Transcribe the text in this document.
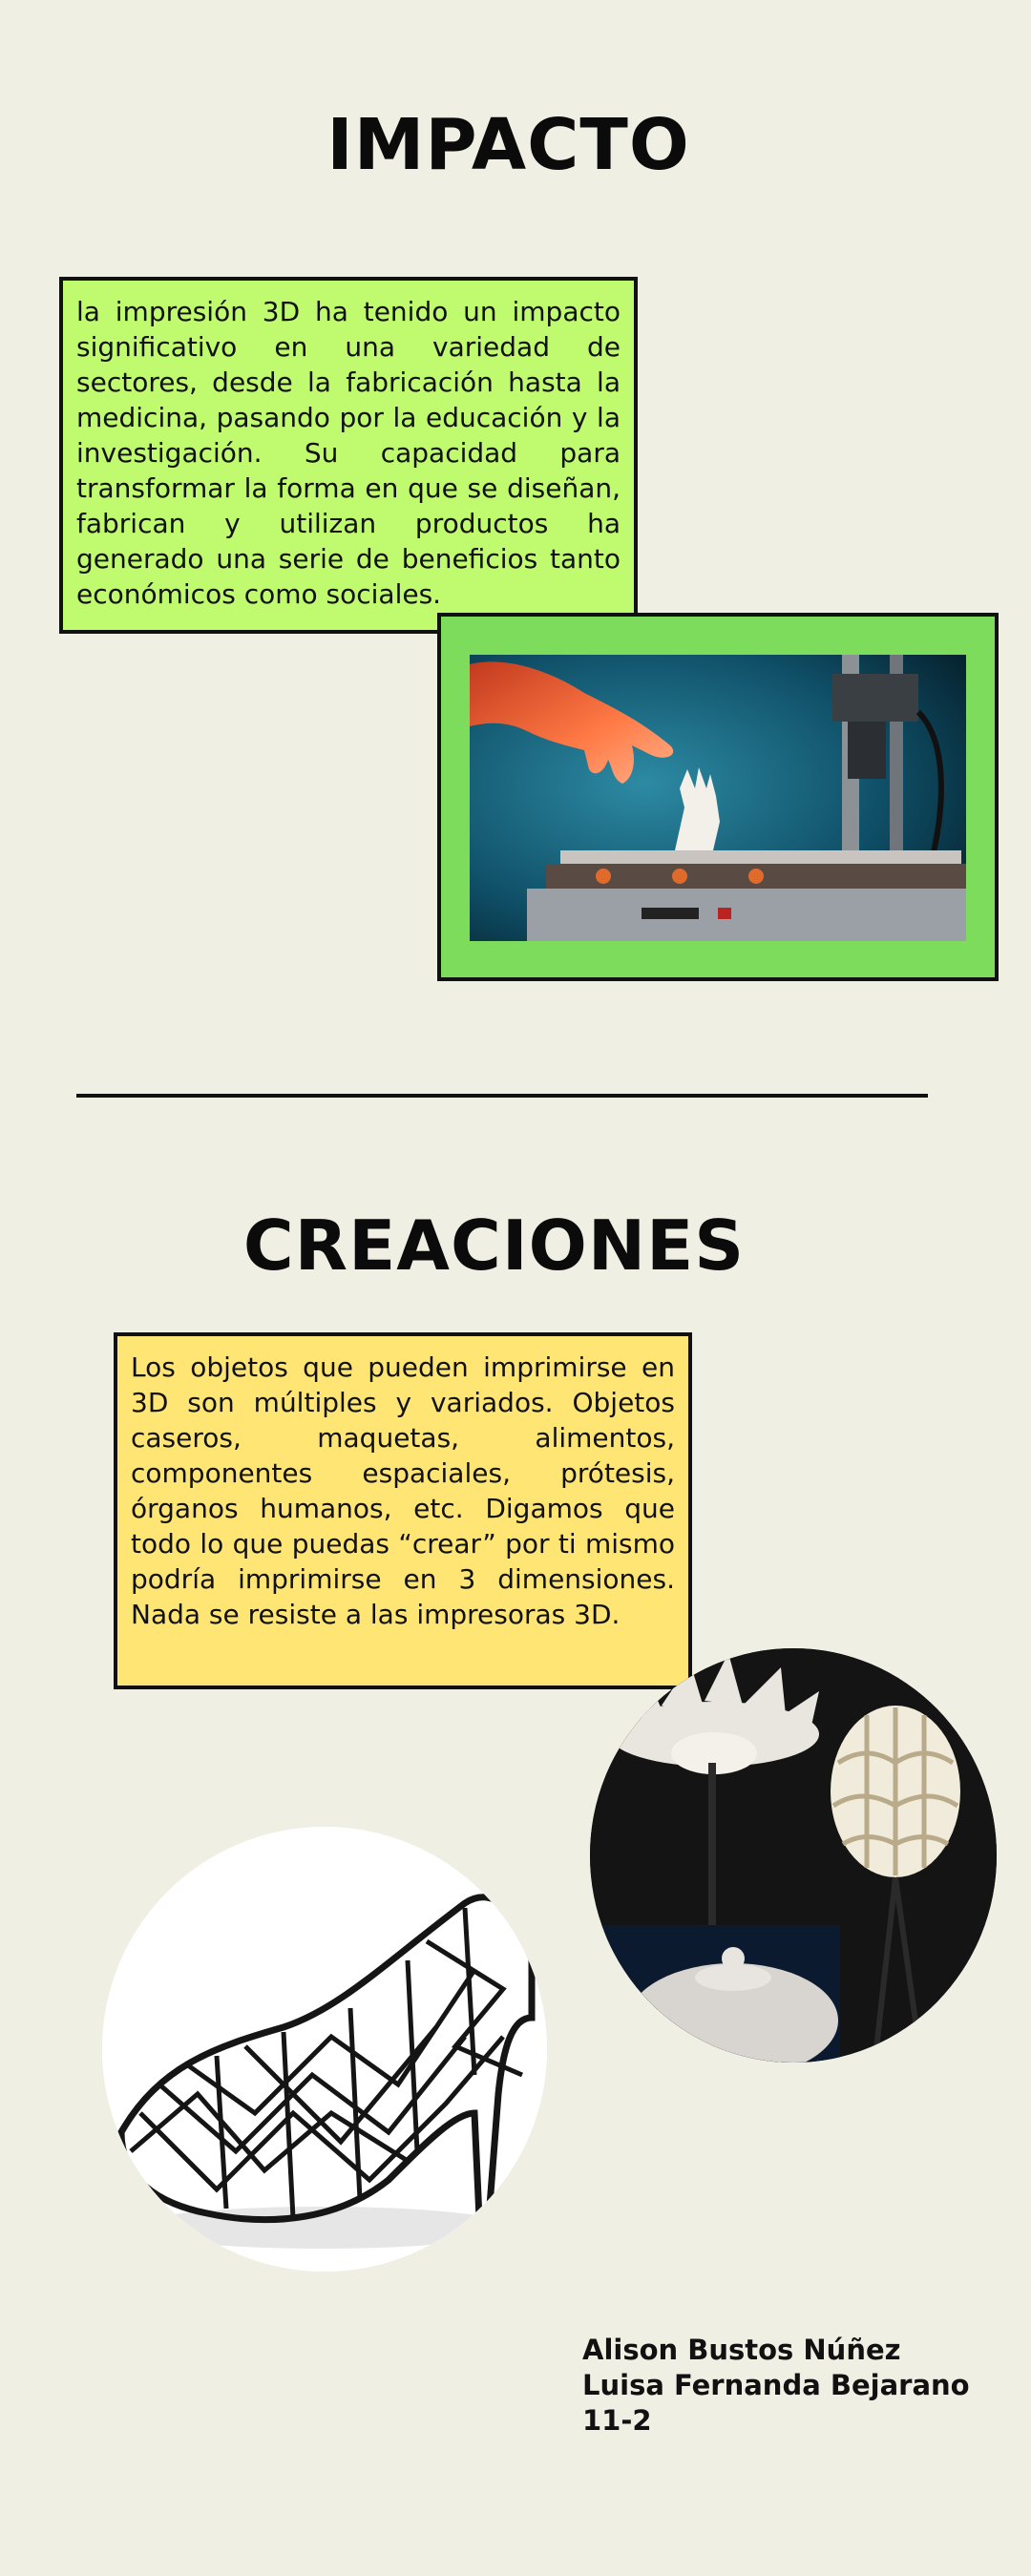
IMPACTO
la impresión 3D ha tenido un impacto significativo en una variedad de sectores, desde la fabricación hasta la medicina, pasando por la educación y la investigación. Su capacidad para transformar la forma en que se diseñan, fabrican y utilizan productos ha generado una serie de beneficios tanto económicos como sociales.
CREACIONES
Los objetos que pueden imprimirse en 3D son múltiples y variados. Objetos caseros, maquetas, alimentos, componentes espaciales, prótesis, órganos humanos, etc. Digamos que todo lo que puedas “crear” por ti mismo podría imprimirse en 3 dimensiones. Nada se resiste a las impresoras 3D.
Alison Bustos Núñez
Luisa Fernanda Bejarano
11-2
